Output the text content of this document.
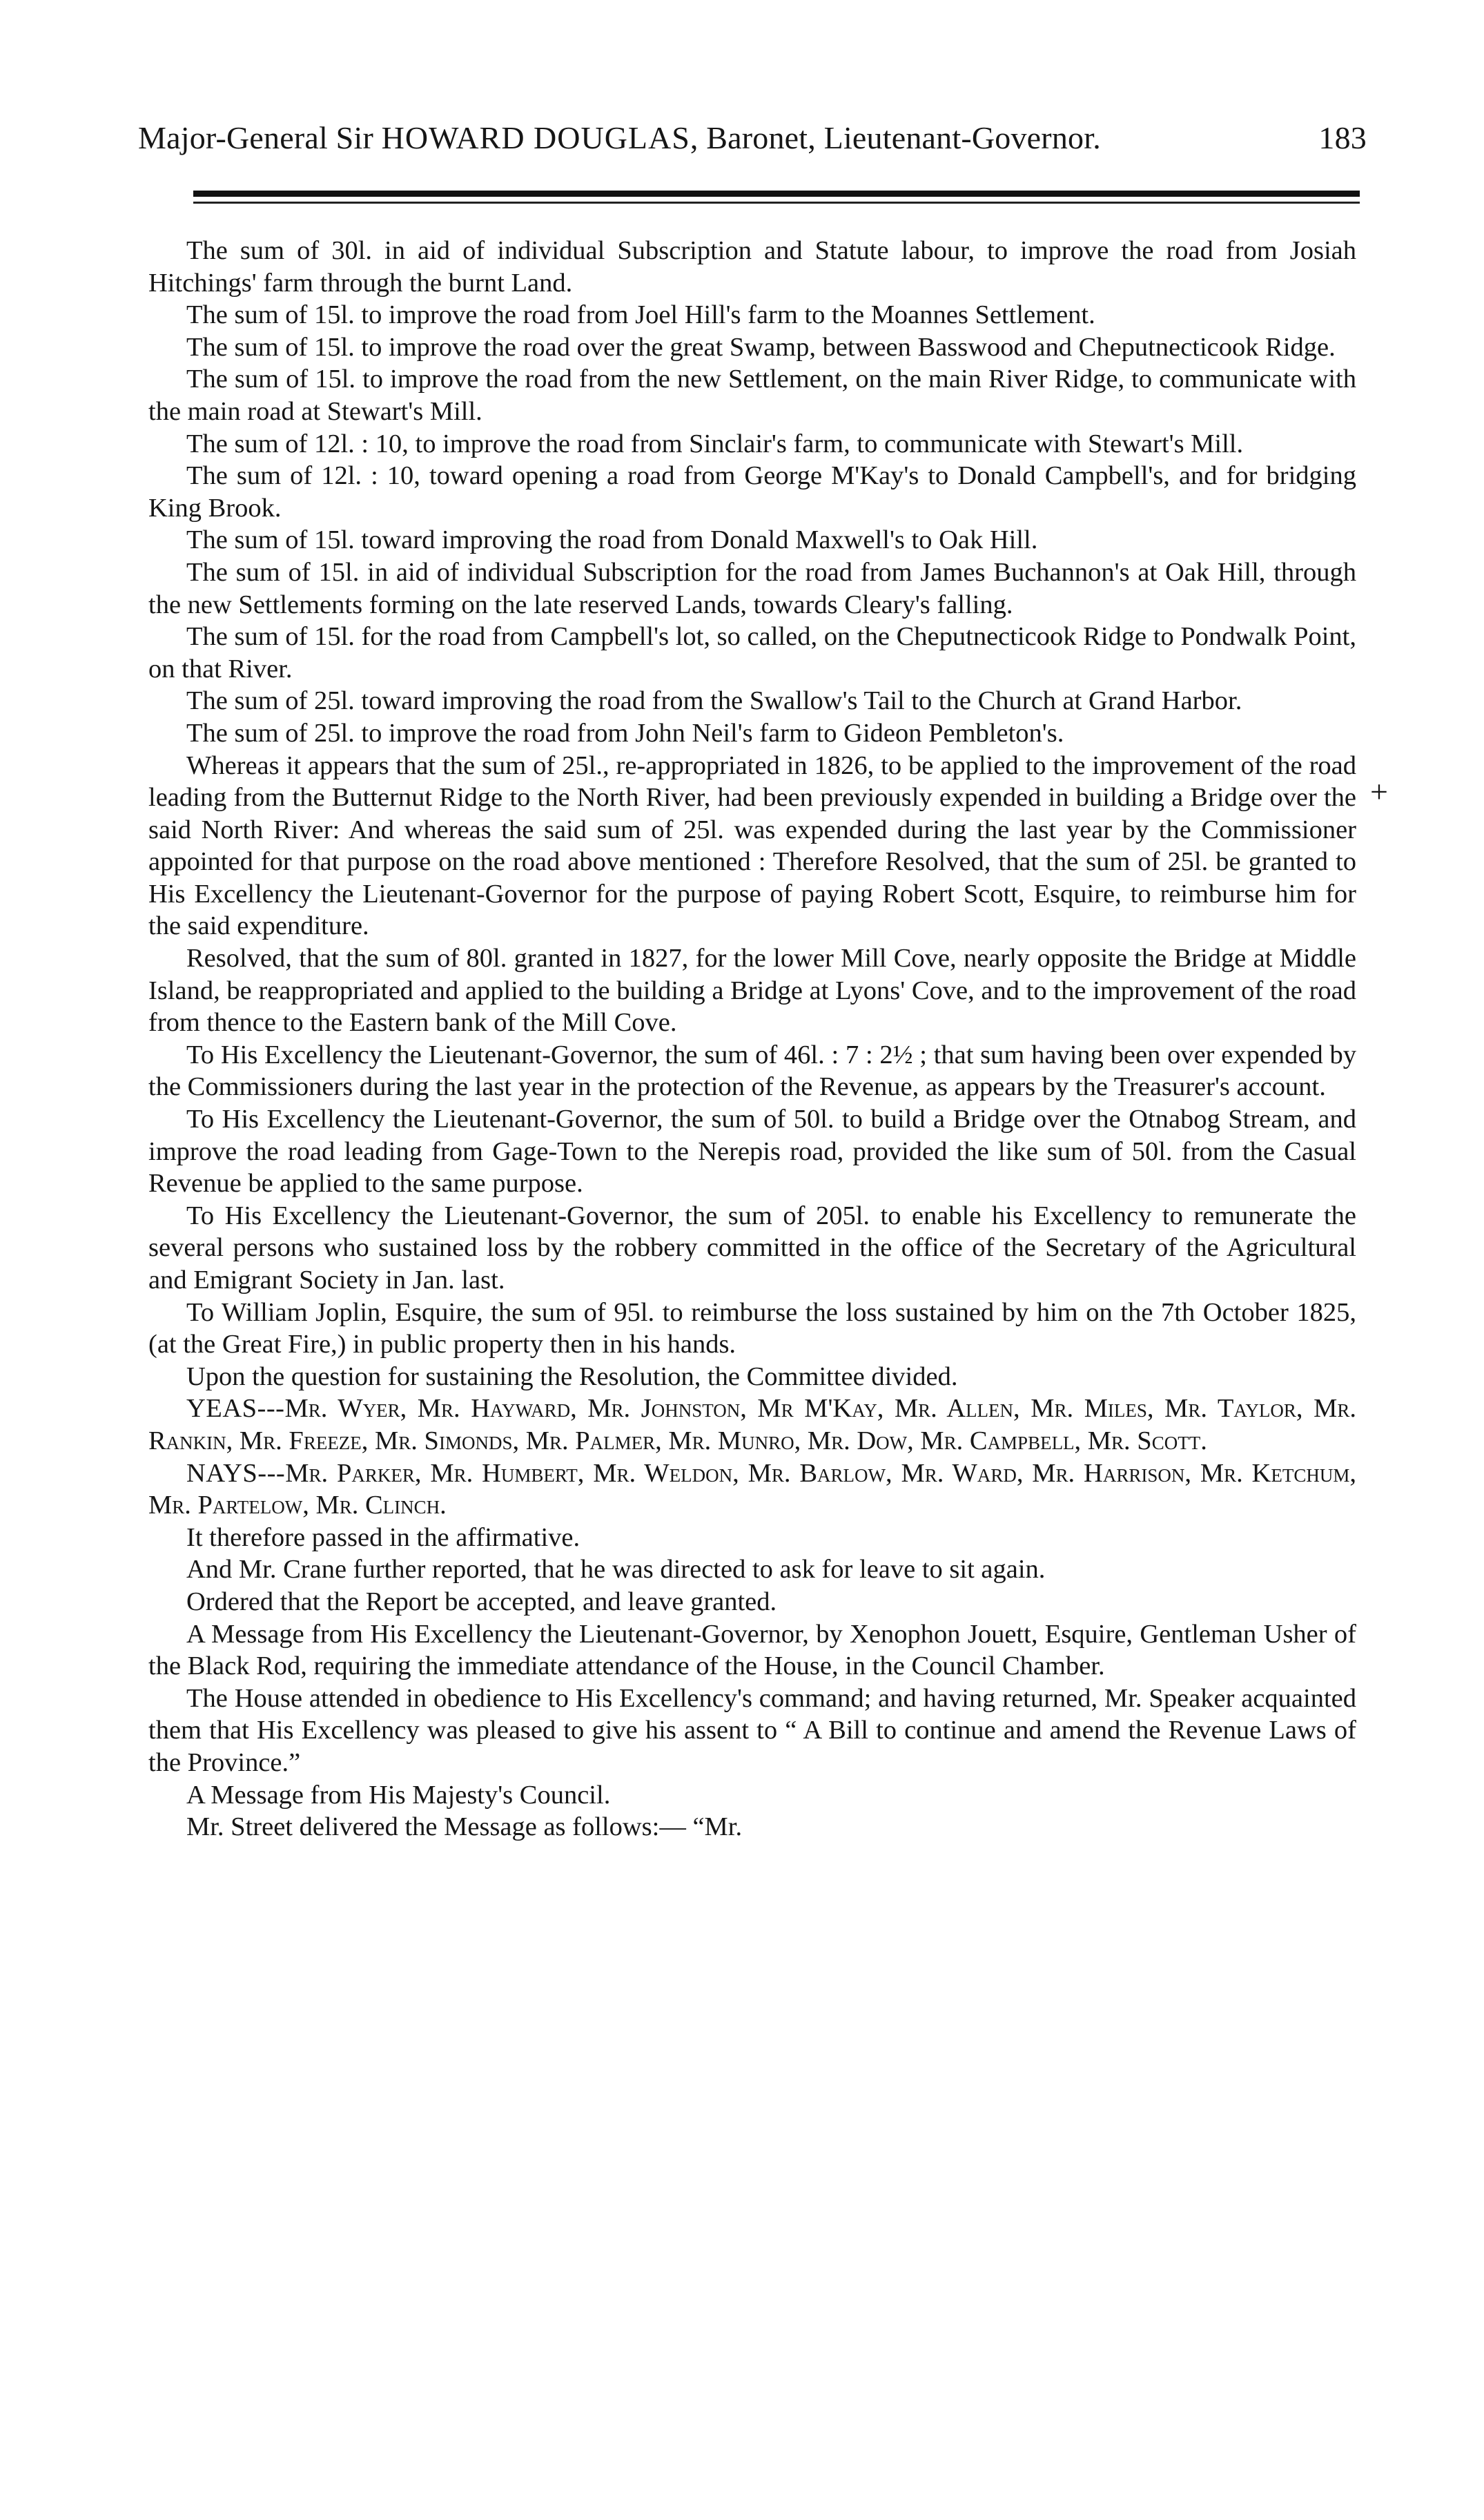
Major-General Sir HOWARD DOUGLAS, Baronet, Lieutenant-Governor.	183
+

The sum of 30l. in aid of individual Subscription and Statute labour, to improve the road from Josiah Hitchings' farm through the burnt Land.

The sum of 15l. to improve the road from Joel Hill's farm to the Moannes Settlement.

The sum of 15l. to improve the road over the great Swamp, between Basswood and Cheputnecticook Ridge.

The sum of 15l. to improve the road from the new Settlement, on the main River Ridge, to communicate with the main road at Stewart's Mill.

The sum of 12l. : 10, to improve the road from Sinclair's farm, to communicate with Stewart's Mill.

The sum of 12l. : 10, toward opening a road from George M'Kay's to Donald Campbell's, and for bridging King Brook.

The sum of 15l. toward improving the road from Donald Maxwell's to Oak Hill.

The sum of 15l. in aid of individual Subscription for the road from James Buchannon's at Oak Hill, through the new Settlements forming on the late reserved Lands, towards Cleary's falling.

The sum of 15l. for the road from Campbell's lot, so called, on the Cheputnecticook Ridge to Pondwalk Point, on that River.

The sum of 25l. toward improving the road from the Swallow's Tail to the Church at Grand Harbor.

The sum of 25l. to improve the road from John Neil's farm to Gideon Pembleton's.

Whereas it appears that the sum of 25l., re-appropriated in 1826, to be applied to the improvement of the road leading from the Butternut Ridge to the North River, had been previously expended in building a Bridge over the said North River: And whereas the said sum of 25l. was expended during the last year by the Commissioner appointed for that purpose on the road above mentioned : Therefore Resolved, that the sum of 25l. be granted to His Excellency the Lieutenant-Governor for the purpose of paying Robert Scott, Esquire, to reimburse him for the said expenditure.

Resolved, that the sum of 80l. granted in 1827, for the lower Mill Cove, nearly opposite the Bridge at Middle Island, be reappropriated and applied to the building a Bridge at Lyons' Cove, and to the improvement of the road from thence to the Eastern bank of the Mill Cove.

To His Excellency the Lieutenant-Governor, the sum of 46l. : 7 : 2½ ; that sum having been over expended by the Commissioners during the last year in the protection of the Revenue, as appears by the Treasurer's account.

To His Excellency the Lieutenant-Governor, the sum of 50l. to build a Bridge over the Otnabog Stream, and improve the road leading from Gage-Town to the Nerepis road, provided the like sum of 50l. from the Casual Revenue be applied to the same purpose.

To His Excellency the Lieutenant-Governor, the sum of 205l. to enable his Excellency to remunerate the several persons who sustained loss by the robbery committed in the office of the Secretary of the Agricultural and Emigrant Society in Jan. last.

To William Joplin, Esquire, the sum of 95l. to reimburse the loss sustained by him on the 7th October 1825, (at the Great Fire,) in public property then in his hands.

Upon the question for sustaining the Resolution, the Committee divided.

YEAS---Mr. Wyer, Mr. Hayward, Mr. Johnston, Mr M'Kay, Mr. Allen, Mr. Miles, Mr. Taylor, Mr. Rankin, Mr. Freeze, Mr. Simonds, Mr. Palmer, Mr. Munro, Mr. Dow, Mr. Campbell, Mr. Scott.

NAYS---Mr. Parker, Mr. Humbert, Mr. Weldon, Mr. Barlow, Mr. Ward, Mr. Harrison, Mr. Ketchum, Mr. Partelow, Mr. Clinch.

It therefore passed in the affirmative.

And Mr. Crane further reported, that he was directed to ask for leave to sit again.

Ordered that the Report be accepted, and leave granted.

A Message from His Excellency the Lieutenant-Governor, by Xenophon Jouett, Esquire, Gentleman Usher of the Black Rod, requiring the immediate attendance of the House, in the Council Chamber.

The House attended in obedience to His Excellency's command; and having returned, Mr. Speaker acquainted them that His Excellency was pleased to give his assent to “ A Bill to continue and amend the Revenue Laws of the Province.”

A Message from His Majesty's Council.

Mr. Street delivered the Message as follows:— “Mr.
